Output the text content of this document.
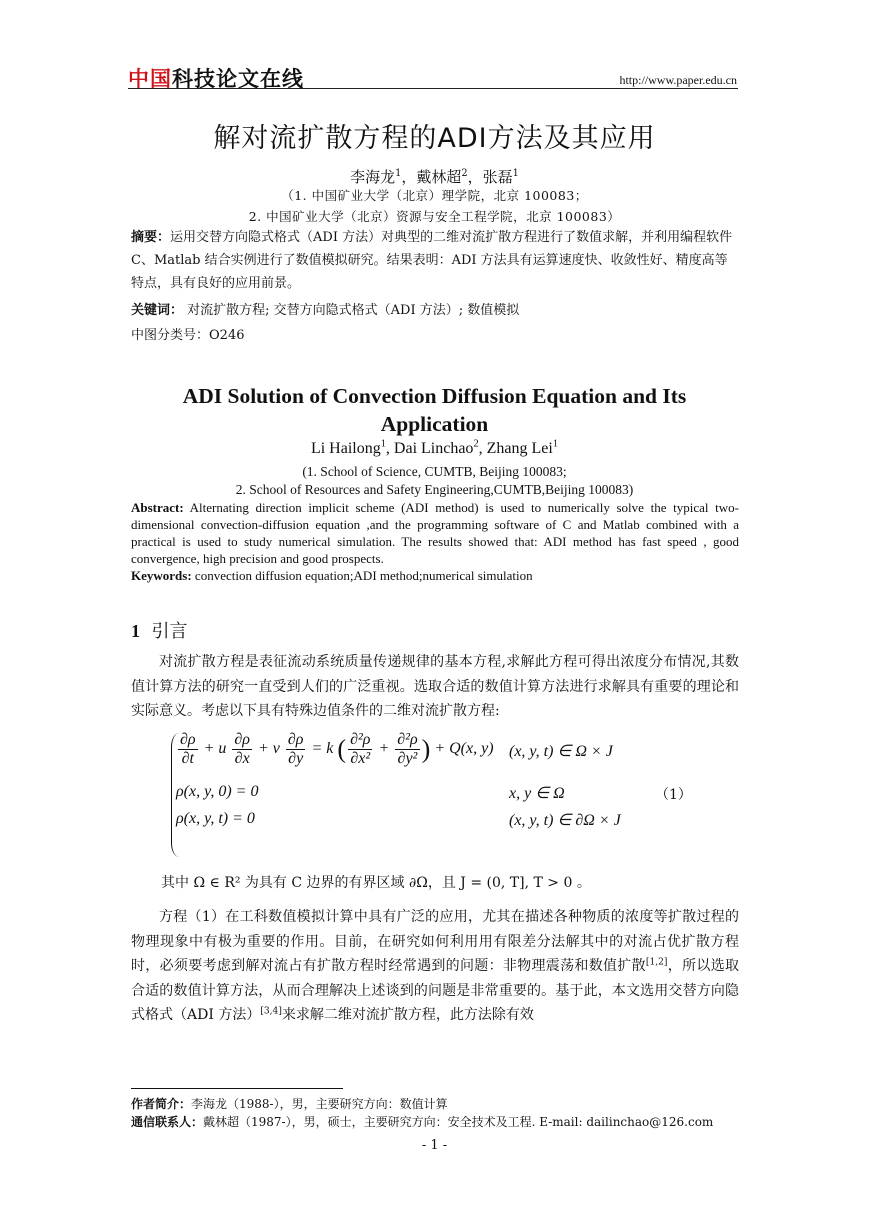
中国科技论文在线	http://www.paper.edu.cn
解对流扩散方程的ADI方法及其应用
李海龙$^1$，戴林超$^2$，张磊$^1$
（1. 中国矿业大学（北京）理学院，北京 100083；
2. 中国矿业大学（北京）资源与安全工程学院，北京 100083）
摘要：运用交替方向隐式格式（ADI 方法）对典型的二维对流扩散方程进行了数值求解，并利用编程软件 C、Matlab 结合实例进行了数值模拟研究。结果表明：ADI 方法具有运算速度快、收敛性好、精度高等特点，具有良好的应用前景。
关键词： 对流扩散方程; 交替方向隐式格式（ADI 方法）; 数值模拟
中图分类号：O246
ADI Solution of Convection Diffusion Equation and Its Application
Li Hailong$^1$, Dai Linchao$^2$, Zhang Lei$^1$
(1. School of Science, CUMTB, Beijing 100083;
2. School of Resources and Safety Engineering,CUMTB,Beijing 100083)
Abstract: Alternating direction implicit scheme (ADI method) is used to numerically solve the typical two-dimensional convection-diffusion equation ,and the programming software of C and Matlab combined with a practical is used to study numerical simulation. The results showed that: ADI method has fast speed , good convergence, high precision and good prospects.
Keywords: convection diffusion equation;ADI method;numerical simulation
1 引言
对流扩散方程是表征流动系统质量传递规律的基本方程,求解此方程可得出浓度分布情况,其数值计算方法的研究一直受到人们的广泛重视。选取合适的数值计算方法进行求解具有重要的理论和实际意义。考虑以下具有特殊边值条件的二维对流扩散方程:
$\frac{\partial\rho}{\partial t} + u \frac{\partial\rho}{\partial x} + v \frac{\partial\rho}{\partial y} = k$ ( $\frac{\text{∂²ρ}}{\text{∂x²}} + \frac{\text{∂²ρ}}{\text{∂y²}}$ ) + Q(x, y) (x, y, t) ∈ Ω × J
ρ(x, y, 0) = 0	x, y ∈ Ω	（1）
ρ(x, y, t) = 0	(x, y, t) ∈ ∂Ω × J
其中 Ω ∈ R² 为具有 C 边界的有界区域 ∂Ω，且 J = (0, T], T > 0 。
方程（1）在工科数值模拟计算中具有广泛的应用，尤其在描述各种物质的浓度等扩散过程的物理现象中有极为重要的作用。目前，在研究如何利用用有限差分法解其中的对流占优扩散方程时，必须要考虑到解对流占有扩散方程时经常遇到的问题：非物理震荡和数值扩散[1,2]，所以选取合适的数值计算方法，从而合理解决上述谈到的问题是非常重要的。基于此，本文选用交替方向隐式格式（ADI 方法）[3,4]来求解二维对流扩散方程，此方法除有效
作者简介：李海龙（1988-），男，主要研究方向：数值计算
通信联系人：戴林超（1987-），男，硕士，主要研究方向：安全技术及工程. E-mail: dailinchao@126.com
- 1 -
